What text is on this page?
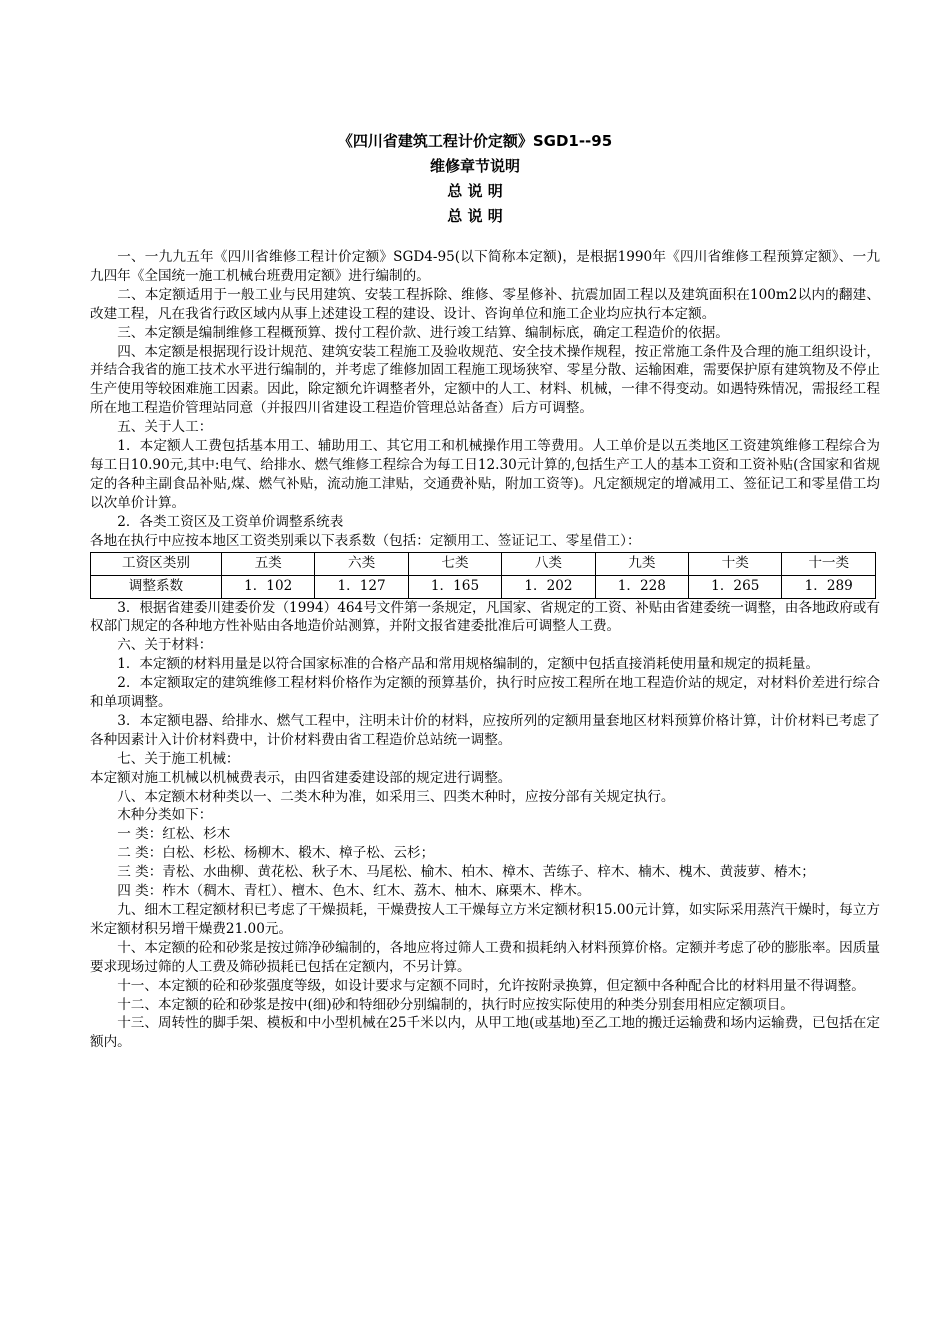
《四川省建筑工程计价定额》SGD1--95
维修章节说明
总 说 明
总 说 明

一、一九九五年《四川省维修工程计价定额》SGD4-95(以下简称本定额)，是根据1990年《四川省维修工程预算定额》、一九九四年《全国统一施工机械台班费用定额》进行编制的。

二、本定额适用于一般工业与民用建筑、安装工程拆除、维修、零星修补、抗震加固工程以及建筑面积在100m2以内的翻建、改建工程，凡在我省行政区域内从事上述建设工程的建设、设计、咨询单位和施工企业均应执行本定额。

三、本定额是编制维修工程概预算、拨付工程价款、进行竣工结算、编制标底，确定工程造价的依据。

四、本定额是根据现行设计规范、建筑安装工程施工及验收规范、安全技术操作规程，按正常施工条件及合理的施工组织设计，并结合我省的施工技术水平进行编制的，并考虑了维修加固工程施工现场狭窄、零星分散、运输困难，需要保护原有建筑物及不停止生产使用等较困难施工因素。因此，除定额允许调整者外，定额中的人工、材料、机械，一律不得变动。如遇特殊情况，需报经工程所在地工程造价管理站同意（并报四川省建设工程造价管理总站备查）后方可调整。

五、关于人工：

1．本定额人工费包括基本用工、辅助用工、其它用工和机械操作用工等费用。人工单价是以五类地区工资建筑维修工程综合为每工日10.90元,其中:电气、给排水、燃气维修工程综合为每工日12.30元计算的,包括生产工人的基本工资和工资补贴(含国家和省规定的各种主副食品补贴,煤、燃气补贴，流动施工津贴，交通费补贴，附加工资等)。凡定额规定的增减用工、签征记工和零星借工均以次单价计算。

2．各类工资区及工资单价调整系统表

各地在执行中应按本地区工资类别乘以下表系数（包括：定额用工、签证记工、零星借工）：

工资区类别	五类	六类	七类	八类	九类	十类	十一类
调整系数	1．102	1．127	1．165	1．202	1．228	1．265	1．289

3．根据省建委川建委价发（1994）464号文件第一条规定，凡国家、省规定的工资、补贴由省建委统一调整，由各地政府或有权部门规定的各种地方性补贴由各地造价站测算，并附文报省建委批准后可调整人工费。

六、关于材料：

1．本定额的材料用量是以符合国家标准的合格产品和常用规格编制的，定额中包括直接消耗使用量和规定的损耗量。

2．本定额取定的建筑维修工程材料价格作为定额的预算基价，执行时应按工程所在地工程造价站的规定，对材料价差进行综合和单项调整。

3．本定额电器、给排水、燃气工程中，注明未计价的材料，应按所列的定额用量套地区材料预算价格计算，计价材料已考虑了各种因素计入计价材料费中，计价材料费由省工程造价总站统一调整。

七、关于施工机械：

本定额对施工机械以机械费表示，由四省建委建设部的规定进行调整。

八、本定额木材种类以一、二类木种为准，如采用三、四类木种时，应按分部有关规定执行。

木种分类如下：

一 类：红松、杉木

二 类：白松、杉松、杨柳木、椴木、樟子松、云杉；

三 类：青松、水曲柳、黄花松、秋子木、马尾松、榆木、柏木、樟木、苦练子、梓木、楠木、槐木、黄菠萝、椿木；

四 类：柞木（稠木、青杠）、檀木、色木、红木、荔木、柚木、麻栗木、桦木。

九、细木工程定额材积已考虑了干燥损耗，干燥费按人工干燥每立方米定额材积15.00元计算，如实际采用蒸汽干燥时，每立方米定额材积另增干燥费21.00元。

十、本定额的砼和砂浆是按过筛净砂编制的，各地应将过筛人工费和损耗纳入材料预算价格。定额并考虑了砂的膨胀率。因质量要求现场过筛的人工费及筛砂损耗已包括在定额内，不另计算。

十一、本定额的砼和砂浆强度等级，如设计要求与定额不同时，允许按附录换算，但定额中各种配合比的材料用量不得调整。

十二、本定额的砼和砂浆是按中(细)砂和特细砂分别编制的，执行时应按实际使用的种类分别套用相应定额项目。

十三、周转性的脚手架、模板和中小型机械在25千米以内，从甲工地(或基地)至乙工地的搬迁运输费和场内运输费，已包括在定额内。
